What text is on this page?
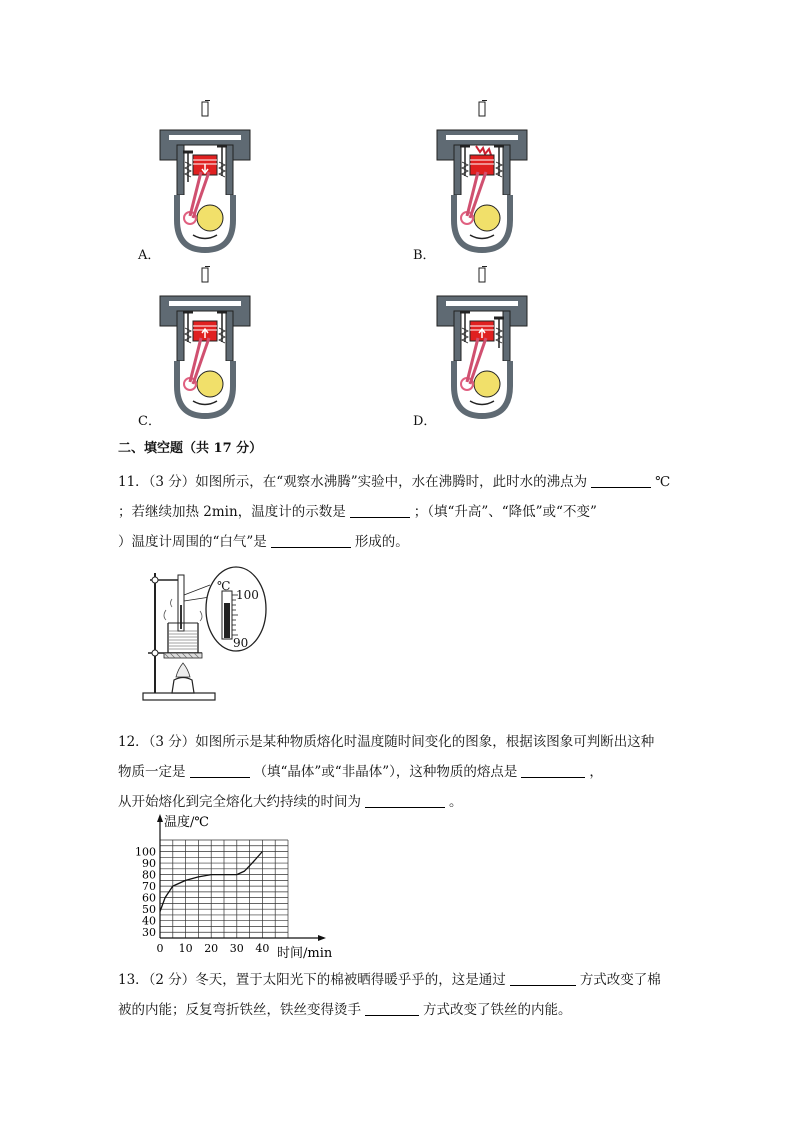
A．	B．
C．	D．
二、填空题（共 17 分）
11．（3 分）如图所示，在“观察水沸腾”实验中，水在沸腾时，此时水的沸点为	℃
；若继续加热 2min，温度计的示数是	；（填“升高”、“降低”或“不变”
）温度计周围的“白气”是	形成的。
℃
100
90
12．（3 分）如图所示是某种物质熔化时温度随时间变化的图象，根据该图象可判断出这种
物质一定是	（填“晶体”或“非晶体”），这种物质的熔点是	，
从开始熔化到完全熔化大约持续的时间为	。
0 10 20 30 40
30
40
50
60
70
80
90
100
温度/℃
时间/min
13．（2 分）冬天，置于太阳光下的棉被晒得暖乎乎的，这是通过	方式改变了棉
被的内能；反复弯折铁丝，铁丝变得烫手	方式改变了铁丝的内能。
